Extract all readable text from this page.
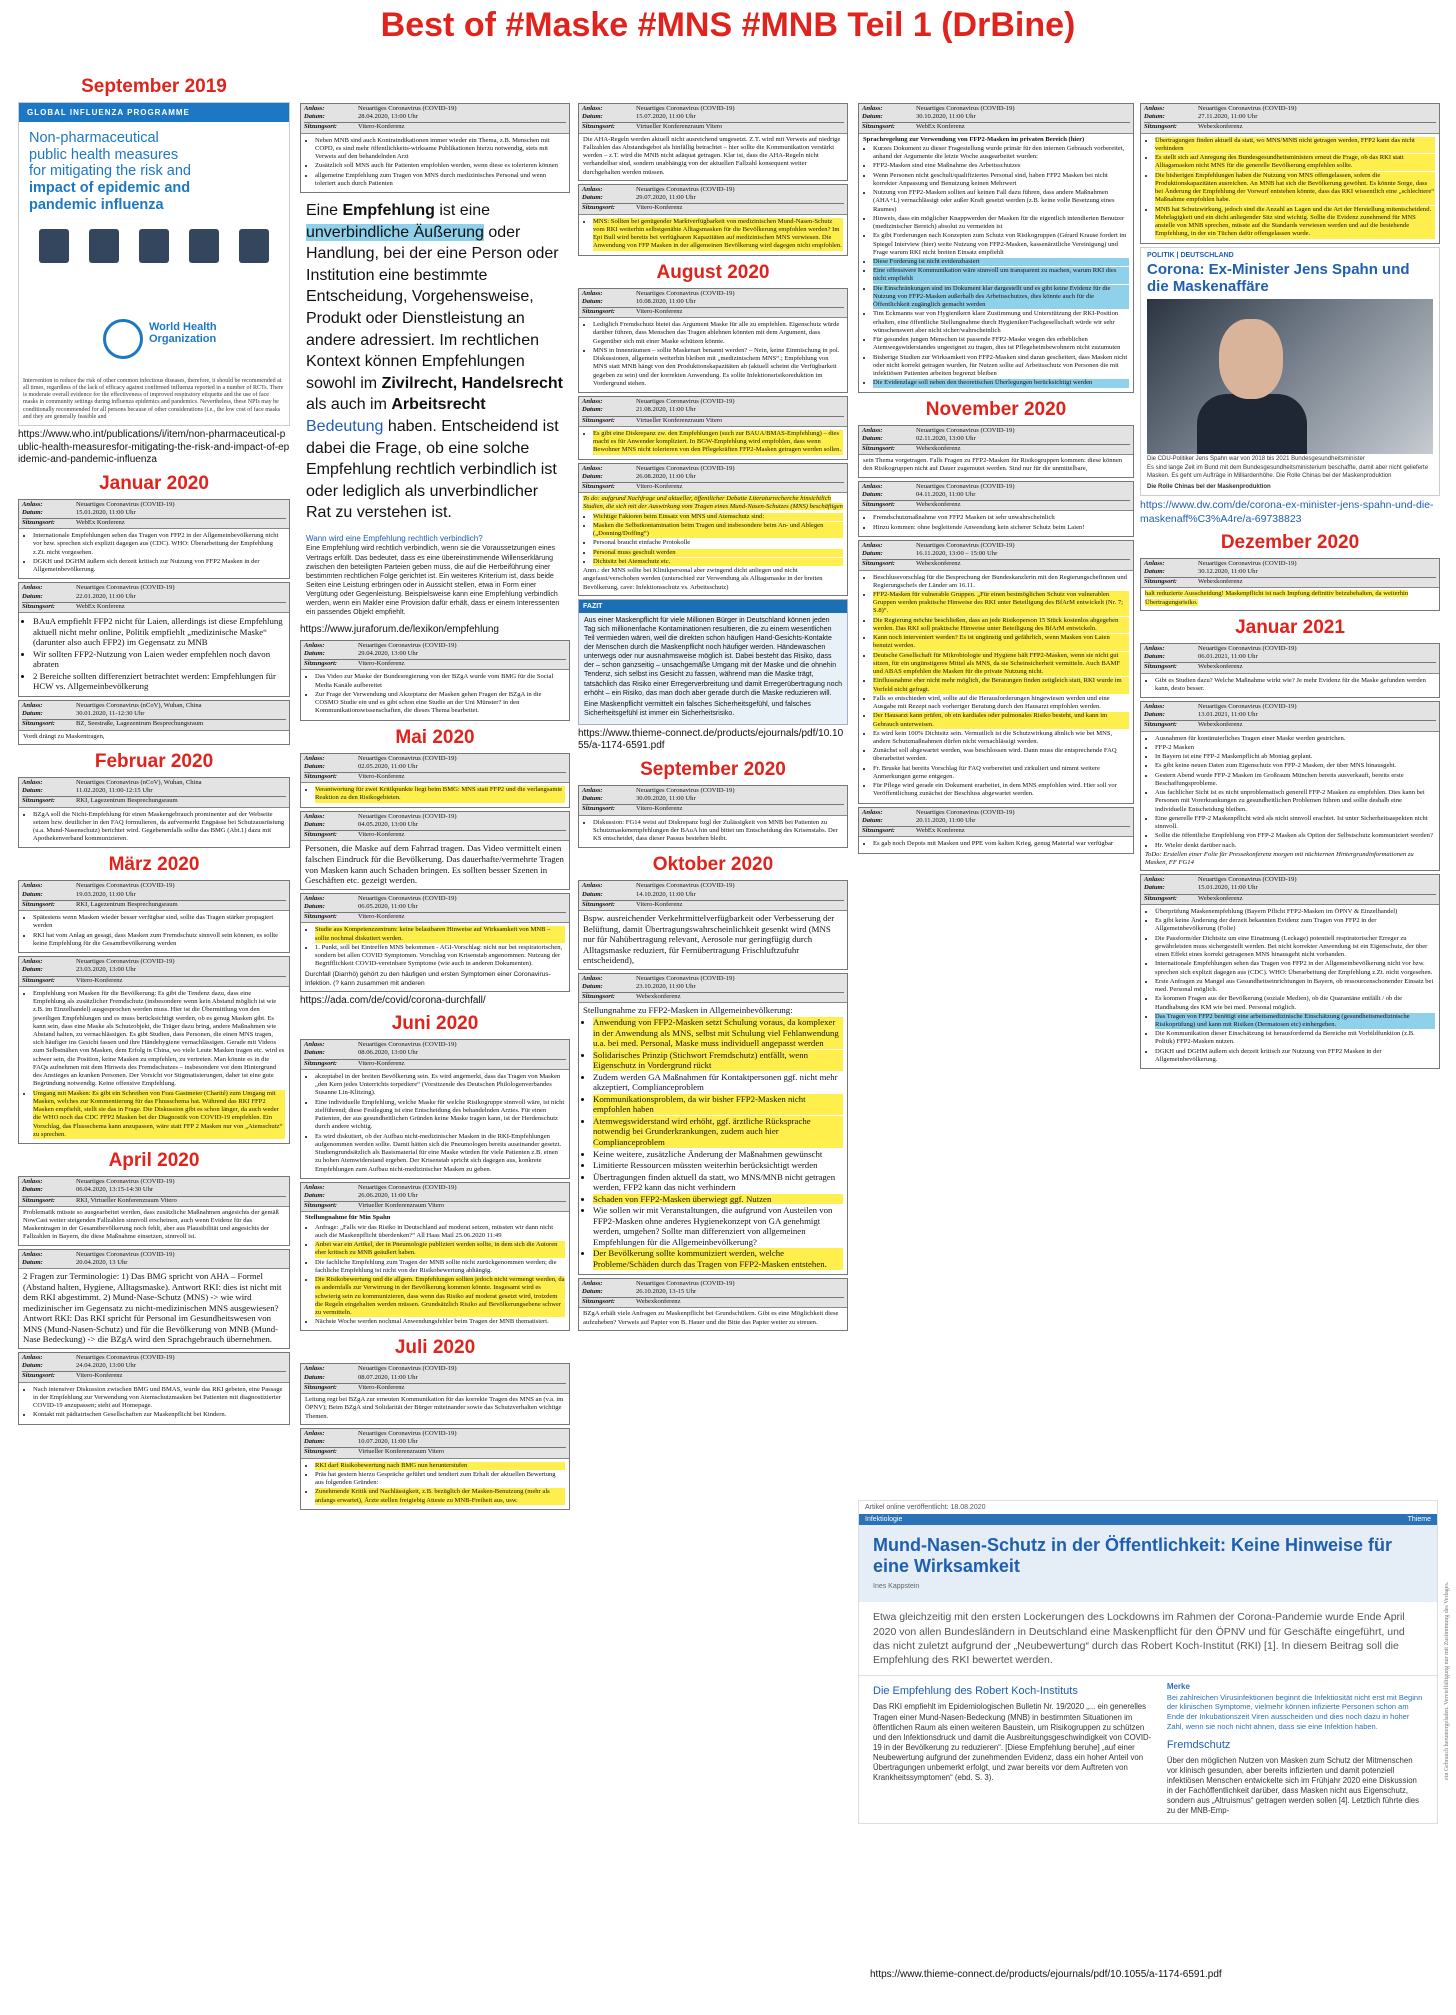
Best of #Maske #MNS #MNB Teil 1 (DrBine)
September 2019
GLOBAL INFLUENZA PROGRAMME
Non-pharmaceutical
public health measures
for mitigating the risk and

impact of epidemic and
pandemic influenza
World Health
Organization
Intervention to reduce the risk of other common infectious diseases, therefore, it should be recommended at all times, regardless of the lack of efficacy against confirmed influenza reported in a number of RCTs. There is moderate overall evidence for the effectiveness of improved respiratory etiquette and the use of face masks in community settings during influenza epidemics and pandemics. Nevertheless, these NPIs may be conditionally recommended for all persons because of other considerations (i.e., the low cost of face masks and they are generally feasible and
https://www.who.int/publications/i/item/non-pharmaceutical-public-health-measuresfor-mitigating-the-risk-and-impact-of-epidemic-and-pandemic-influenza
Januar 2020
Anlass:	Neuartiges Coronavirus (COVID-19)
Datum:	15.01.2020, 11:00 Uhr
Sitzungsort:	WebEx Konferenz
• Internationale Empfehlungen sehen das Tragen von FFP2 in der Allgemeinbevölkerung nicht vor bzw. sprechen sich explizit dagegen aus (CDC). WHO: Überarbeitung der Empfehlung z.Zt. nicht vorgesehen.
• DGKH und DGHM äußern sich derzeit kritisch zur Nutzung von FFP2 Masken in der Allgemeinbevölkerung.
Anlass:	Neuartiges Coronavirus (COVID-19)
Datum:	22.01.2020, 11:00 Uhr
Sitzungsort:	WebEx Konferenz
• BAuA empfiehlt FFP2 nicht für Laien, allerdings ist diese Empfehlung aktuell nicht mehr online, Politik empfiehlt „medizinische Maske“ (darunter also auch FFP2) im Gegensatz zu MNB
• Wir sollten FFP2-Nutzung von Laien weder empfehlen noch davon abraten
• 2 Bereiche sollten differenziert betrachtet werden: Empfehlungen für HCW vs. Allgemeinbevölkerung
Anlass:	Neuartiges Coronavirus (nCoV), Wuhan, China
Datum:	30.01.2020, 11-12:30 Uhr
Sitzungsort:	BZ, Seestraße, Lagezentrum Besprechungsraum
Vordi drängt zu Maskentragen,
Februar 2020
Anlass:	Neuartiges Coronavirus (nCoV), Wuhan, China
Datum:	11.02.2020, 11:00-12:15 Uhr
Sitzungsort:	RKI, Lagezentrum Besprechungsraum
• BZgA soll die Nicht-Empfehlung für einen Maskengebrauch prominenter auf der Webseite setzen bzw. deutlicher in den FAQ formulieren, da aufvermerkt Engpässe bei Schutzausrüstung (u.a. Mund-Nasenschutz) berichtet wird. Gegebenenfalls sollte das BMG (Abt.1) dazu mit Apothekenverband kommunizieren.
März 2020
Anlass:	Neuartiges Coronavirus (COVID-19)
Datum:	19.03.2020, 11:00 Uhr
Sitzungsort:	RKI, Lagezentrum Besprechungsraum
• Spätestens wenn Masken wieder besser verfügbar sind, sollte das Tragen stärker propagiert werden
• RKI hat vom Anlag an gesagt, dass Masken zum Fremdschutz sinnvoll sein können, es sollte keine Empfehlung für die Gesamtbevölkerung werden
Anlass:	Neuartiges Coronavirus (COVID-19)
Datum:	23.03.2020, 13:00 Uhr
Sitzungsort:	Vitero-Konferenz
• Empfehlung von Masken für die Bevölkerung: Es gibt die Tendenz dazu, dass eine Empfehlung als zusätzlicher Fremdschutz (insbesondere wenn kein Abstand möglich ist wie z.B. im Einzelhandel) ausgesprochen werden muss. Hier ist die Übermittlung von den jeweiligen Empfehlungen und es muss berücksichtigt werden, ob es genug Masken gibt. Es kann sein, dass eine Maske als Schutzobjekt, die Träger dazu bring, andere Maßnahmen wie Abstand halten, zu vernachlässigen. Es gibt Studien, dass Personen, die einen MNS tragen, sich häufiger ins Gesicht fassen und ihre Händehygiene vernachlässigen. Gerade mit Videos zum Selbstnähen von Masken, dem Erfolg in China, wo viele Leute Masken tragen etc. wird es schwer sein, die Position, keine Masken zu empfehlen, zu vertreten. Man könnte es in die FAQs aufnehmen mit dem Hinweis des Fremdschutzes – insbesondere vor dem Hintergrund des Anstieges an kranken Personen. Der Vorsicht vor Stigmatisierungen, daher ist eine gute Begründung notwendig. Keine offensive Empfehlung.
• Umgang mit Masken: Es gibt ein Schreiben von Frau Gastmeier (Charité) zum Umgang mit Masken, welches zur Kommentierung für das Fluusschema hat. Während das RKI FFP2 Masken empfiehlt, stellt sie das in Frage. Die Diskussion gibt es schon länger, da auch weder die WHO noch das CDC FFP2 Masken bei der Diagnostik von COVID-19 empfehlen. Ein Vorschlag, das Flussschema kann anzupassen, wäre statt FFP 2 Masken nur von „Atemschutz“ zu sprechen.
April 2020
Anlass:	Neuartiges Coronavirus (COVID-19)
Datum:	06.04.2020, 13:15-14:30 Uhr
Sitzungsort:	RKI, Virtueller Konferenzraum Vitero
Problematik müsste so ausgearbeitet werden, dass zusätzliche Maßnahmen angesichts der gemäß NowCast weiter steigenden Fallzahlen sinnvoll erscheinen, auch wenn Evidenz für das Maskentragen in der Gesamtbevölkerung noch fehlt, aber aus Plausibilität und angesichts der Fallzahlen in Bayern, die diese Maßnahme einsetzen, sinnvoll ist.
Anlass:	Neuartiges Coronavirus (COVID-19)
Datum:	20.04.2020, 13 Uhr
2 Fragen zur Terminologie: 1) Das BMG spricht von AHA – Formel (Abstand halten, Hygiene, Alltagsmaske). Antwort RKI: dies ist nicht mit dem RKI abgestimmt. 2) Mund-Nase-Schutz (MNS) -> wie wird medizinischer im Gegensatz zu nicht-medizinischen MNS ausgewiesen? Antwort RKI: Das RKI spricht für Personal im Gesundheitswesen von MNS (Mund-Nasen-Schutz) und für die Bevölkerung von MNB (Mund-Nase Bedeckung) -> die BZgA wird den Sprachgebrauch übernehmen.
Anlass:	Neuartiges Coronavirus (COVID-19)
Datum:	24.04.2020, 13:00 Uhr
Sitzungsort:	Vitero-Konferenz
• Nach intensiver Diskussion zwischen BMG und BMAS, wurde das RKI gebeten, eine Passage in der Empfehlung zur Verwendung von Atemschutzmasken bei Patienten mit diagnostizierter COVID-19 anzupassen; steht auf Homepage.
• Kontakt mit pädiatrischen Gesellschaften zur Maskenpflicht bei Kindern.
Anlass:	Neuartiges Coronavirus (COVID-19)
Datum:	28.04.2020, 13:00 Uhr
Sitzungsort:	Vitero-Konferenz
• Neben MNB sind auch Kontraindikationen immer wieder ein Thema, z.B. Menschen mit COPD, es sind mehr öffentlichkeits-wirksame Publikationen hierzu notwendig, stets mit Verweis auf den behandelnden Arzt
• Zusätzlich soll MNS auch für Patienten empfohlen werden, wenn diese es tolerieren können
• allgemeine Empfehlung zum Tragen von MNS durch medizinisches Personal und wenn toleriert auch durch Patienten
Eine Empfehlung ist eine unverbindliche Äußerung oder Handlung, bei der eine Person oder Institution eine bestimmte Entscheidung, Vorgehensweise, Produkt oder Dienstleistung an andere adressiert. Im rechtlichen Kontext können Empfehlungen sowohl im Zivilrecht, Handelsrecht als auch im Arbeitsrecht Bedeutung haben. Entscheidend ist dabei die Frage, ob eine solche Empfehlung rechtlich verbindlich ist oder lediglich als unverbindlicher Rat zu verstehen ist.
Wann wird eine Empfehlung rechtlich verbindlich?
Eine Empfehlung wird rechtlich verbindlich, wenn sie die Voraussetzungen eines Vertrags erfüllt. Das bedeutet, dass es eine übereinstimmende Willenserklärung zwischen den beteiligten Parteien geben muss, die auf die Herbeiführung einer bestimmten rechtlichen Folge gerichtet ist. Ein weiteres Kriterium ist, dass beide Seiten eine Leistung erbringen oder in Aussicht stellen, etwa in Form einer Vergütung oder Gegenleistung. Beispielsweise kann eine Empfehlung verbindlich werden, wenn ein Makler eine Provision dafür erhält, dass er einem Interessenten ein passendes Objekt empfiehlt.
https://www.juraforum.de/lexikon/empfehlung
Anlass:	Neuartiges Coronavirus (COVID-19)
Datum:	29.04.2020, 13:00 Uhr
Sitzungsort:	Vitero-Konferenz
• Das Video zur Maske der Bundesregierung von der BZgA wurde vom BMG für die Social Media Kanäle aufbereitet
• Zur Frage der Verwendung und Akzeptanz der Masken gehen Fragen der BZgA in die COSMO Studie ein und es gibt schon eine Studie an der Uni Münster? in den Kommunikationswissenschaften, die dieses Thema bearbeitet.
Mai 2020
Anlass:	Neuartiges Coronavirus (COVID-19)
Datum:	02.05.2020, 11:00 Uhr
Sitzungsort:	Vitero-Konferenz
• Verantwortung für zwei Kritikpunkte liegt beim BMG: MNS statt FFP2 und die verlangsamte Reaktion zu den Risikogebieten.
Anlass:	Neuartiges Coronavirus (COVID-19)
Datum:	04.05.2020, 13:00 Uhr
Sitzungsort:	Vitero-Konferenz
Personen, die Maske auf dem Fahrrad tragen. Das Video vermittelt einen falschen Eindruck für die Bevölkerung. Das dauerhafte/vermehrte Tragen von Masken kann auch Schaden bringen. Es sollten besser Szenen in Geschäften etc. gezeigt werden.
Anlass:	Neuartiges Coronavirus (COVID-19)
Datum:	06.05.2020, 11:00 Uhr
Sitzungsort:	Vitero-Konferenz
• Studie aus Kompetenzzentrum: keine belastbaren Hinweise auf Wirksamkeit von MNB – sollte nochmal diskutiert werden.
• 1. Punkt, soll bei Eintreffen MNS bekommen - AGI-Vorschlag: nicht nur bei respiratorischen, sondern bei allen COVID Symptomen. Vorschlag von Krisenstab angenommen. Nutzung der Begrifflichkeit COVID-vereinbare Symptome (wie auch in anderen Dokumenten).
Durchfall (Diarrhö) gehört zu den häufigen und ersten Symptomen einer Coronavirus-Infektion. (? kann zusammen mit anderen
https://ada.com/de/covid/corona-durchfall/
Juni 2020
Anlass:	Neuartiges Coronavirus (COVID-19)
Datum:	08.06.2020, 13:00 Uhr
Sitzungsort:	Vitero-Konferenz
• akzeptabel in der breiten Bevölkerung sein. Es wird angemerkt, dass das Tragen von Masken „den Kern jedes Unterrichts torpediere“ (Vorsitzende des Deutschen Philologenverbandes Susanne Lin-Klitzing).
• Eine individuelle Empfehlung, welche Maske für welche Risikogruppe sinnvoll wäre, ist nicht zielführend; diese Festlegung ist eine Entscheidung des behandelnden Arztes. Für einen Patienten, der aus gesundheitlichen Gründen keine Maske tragen kann, ist der Herdenschutz durch andere wichtig.
• Es wird diskutiert, ob der Aufbau nicht-medizinischer Masken in die RKI-Empfehlungen aufgenommen werden sollte. Damit hätten sich die Pneumologen bereits auseinander gesetzt. Studiengrundsätzlich als Basismaterial für eine Maske würden für viele Patienten z.B. einen zu hohen Atemwiderstand ergeben. Der Krisenstab spricht sich dagegen aus, konkrete Empfehlungen zum Aufbau nicht-medizinischer Masken zu geben.
Anlass:	Neuartiges Coronavirus (COVID-19)
Datum:	26.06.2020, 11:00 Uhr
Sitzungsort:	Virtueller Konferenzraum Vitero
Stellungnahme für Min Spahn
• Anfrage: „Falls wir das Risiko in Deutschland auf moderat setzen, müssten wir dann nicht auch die Maskenpflicht überdenken?“ All Haas Mail 25.06.2020 11:49
• Anbei war ein Artikel, der in Pneumologie publiziert werden sollte, in dem sich die Autoren eher kritisch zu MNB geäußert haben.
• Die fachliche Empfehlung zum Tragen der MNB sollte nicht zurückgenommen werden; die fachliche Empfehlung ist nicht von der Risikobewertung abhängig.
• Die Risikobewertung und die allgem. Empfehlungen sollten jedoch nicht vermengt werden, da es andernfalls zur Verwirrung in der Bevölkerung kommen könnte. Insgesamt wird es schwierig sein zu kommunizieren, dass wenn das Risiko auf moderat gesetzt wird, trotzdem die Regeln eingehalten werden müssen. Grundsätzlich Risiko auf Bevölkerungsebene schwer zu vermitteln.
• Nächste Woche werden nochmal Anwendungsfehler beim Tragen der MNB thematisiert.
Juli 2020
Anlass:	Neuartiges Coronavirus (COVID-19)
Datum:	08.07.2020, 11:00 Uhr
Sitzungsort:	Vitero-Konferenz
Leitung regt bei BZgA zur erneuten Kommunikation für das korrekte Tragen des MNS an (v.a. im ÖPNV); Beim BZgA sind Solidarität der Bürger miteinander sowie das Schutzverhalten wichtige Themen.
Anlass:	Neuartiges Coronavirus (COVID-19)
Datum:	10.07.2020, 11:00 Uhr
Sitzungsort:	Virtueller Konferenzraum Vitero
• RKI darf Risikobewertung nach BMG nun herunterstufen
• Präs hat gestern hierzu Gespräche geführt und tendiert zum Erhalt der aktuellen Bewertung aus folgenden Gründen:
• Zunehmende Kritik und Nachlässigkeit, z.B. bezüglich der Masken-Benutzung (mehr als anfangs erwartet), Ärzte stellen freigiebig Atteste zu MNB-Freiheit aus, usw.
Anlass:	Neuartiges Coronavirus (COVID-19)
Datum:	15.07.2020, 11:00 Uhr
Sitzungsort:	Virtueller Konferenzraum Vitero
Die AHA-Regeln werden aktuell nicht ausreichend umgesetzt. Z.T. wird mit Verweis auf niedrige Fallzahlen das Abstandsgebot als hinfällig betrachtet – hier sollte die Kommunikation verstärkt werden – z.T. wird die MNB nicht adäquat getragen. Klar ist, dass die AHA-Regeln nicht verhandelbar sind, sondern unabhängig von der aktuellen Fallzahl konsequent weiter durchgehalten werden müssen.
Anlass:	Neuartiges Coronavirus (COVID-19)
Datum:	29.07.2020, 11:00 Uhr
Sitzungsort:	Vitero-Konferenz
• MNS: Sollten bei genügender Marktverfügbarkeit von medizinischen Mund-Nasen-Schutz vom RKI weiterhin selbstgenähte Alltagsmasken für die Bevölkerung empfohlen werden? Im Epi Bull wird bereits bei verfügbaren Kapazitäten auf medizinischen MNS verwiesen. Die Anwendung von FFP Masken in der allgemeinen Bevölkerung wird dagegen nicht empfohlen.
August 2020
Anlass:	Neuartiges Coronavirus (COVID-19)
Datum:	10.08.2020, 11:00 Uhr
Sitzungsort:	Vitero-Konferenz
• Lediglich Fremdschutz bietet das Argument Maske für alle zu empfehlen. Eigenschutz würde darüber führen, dass Menschen das Tragen ablehnen könnten mit dem Argument, dass Gegenüber sich mit einer Maske schützen könnte.
• MNS in Innenräumen – sollte Maskenart benannt werden? – Nein, keine Einmischung in pol. Diskussionen, allgemein weiterhin bleiben mit „medizinischem MNS“.; Empfehlung von MNS statt MNB hängt von den Produktionskapazitäten ab (aktuell scheint die Verfügbarkeit gegeben zu sein) und der korrekten Anwendung. Es sollte Infektionsrisikoreduktion im Vordergrund stehen.
Anlass:	Neuartiges Coronavirus (COVID-19)
Datum:	21.08.2020, 11:00 Uhr
Sitzungsort:	Virtueller Konferenzraum Vitero
• Es gibt eine Diskrepanz zw. den Empfehlungen (such zur BAUA/BMAS-Empfehlung) – dies macht es für Anwender kompliziert. In BGW-Empfehlung wird empfohlen, dass wenn Bewohner MNS nicht tolerieren von den Pflegekräften FFP2-Masken getragen werden sollen.
Anlass:	Neuartiges Coronavirus (COVID-19)
Datum:	26.08.2020, 11:00 Uhr
Sitzungsort:	Vitero-Konferenz
To do: aufgrund Nachfrage und aktueller, öffentlicher Debatte Literaturrecherche hinsichtlich Studien, die sich mit der Auswirkung vom Tragen eines Mund-Nasen-Schutzes (MNS) beschäftigen
• Wichtige Faktoren beim Einsatz von MNS und Atemschutz sind:
• Masken die Selbstkontamination beim Tragen und insbesondere beim An- und Ablegen („Donning/Doffing“)
• Personal braucht einfache Protokolle
• Personal muss geschult werden
• Dichtsitz bei Atemschutz etc.
Anm.: der MNS sollte bei Klinikpersonal aber zwingend dicht anliegen und nicht angefasst/verschoben werden (unterschied zur Verwendung als Alltagsmaske in der breiten Bevölkerung, cave: Infektionsschutz vs. Arbeitsschutz)
FAZIT

Aus einer Maskenpflicht für viele Millionen Bürger in Deutschland können jeden Tag sich millionenfache Kontaminationen resultieren, die zu einem wesentlichen Teil vermieden wären, weil die direkten schon häufigen Hand-Gesichts-Kontakte der Menschen durch die Maskenpflicht noch häufiger werden. Händewaschen unterwegs oder nur ausnahmsweise möglich ist. Dabei besteht das Risiko, dass der – schon ganzseitig – unsachgemäße Umgang mit der Maske und die ohnehin Tendenz, sich selbst ins Gesicht zu fassen, während man die Maske trägt, tatsächlich das Risiko einer Erregerverbreitung und damit Erregerübertragung noch erhöht – ein Risiko, das man doch aber gerade durch die Maske reduzieren will.

Eine Maskenpflicht vermittelt ein falsches Sicherheitsgefühl, und falsches Sicherheitsgefühl ist immer ein Sicherheitsrisiko.

https://www.thieme-connect.de/products/ejournals/pdf/10.1055/a-1174-6591.pdf
September 2020
Anlass:	Neuartiges Coronavirus (COVID-19)
Datum:	30.09.2020, 11:00 Uhr
Sitzungsort:	Vitero-Konferenz
• Diskussion: FG14 weist auf Diskrepanz bzgl der Zulässigkeit von MNB bei Patienten zu Schutzmaskenempfehlungen der BAuA hin und bittet um Entscheidung des Krisenstabs. Der KS entscheidet, dass dieser Passus bestehen bleibt.
Oktober 2020
Anlass:	Neuartiges Coronavirus (COVID-19)
Datum:	14.10.2020, 11:00 Uhr
Sitzungsort:	Vitero-Konferenz
Bspw. ausreichender Verkehrmittelverfügbarkeit oder Verbesserung der Belüftung, damit Übertragungswahrscheinlichkeit gesenkt wird (MNS nur für Nahübertragung relevant, Aerosole nur geringfügig durch Alltagsmaske reduziert, für Fernübertragung Frischluftzufuhr entscheidend),
Anlass:	Neuartiges Coronavirus (COVID-19)
Datum:	23.10.2020, 11:00 Uhr
Sitzungsort:	Webexkonferenz
Stellungnahme zu FFP2-Masken in Allgemeinbevölkerung:
• Anwendung von FFP2-Masken setzt Schulung voraus, da komplexer in der Anwendung als MNS, selbst mit Schulung viel Fehlanwendung u.a. bei med. Personal, Maske muss individuell angepasst werden
• Solidarisches Prinzip (Stichwort Fremdschutz) entfällt, wenn Eigenschutz in Vordergrund rückt
• Zudem werden GA Maßnahmen für Kontaktpersonen ggf. nicht mehr akzeptiert, Complianceproblem
• Kommunikationsproblem, da wir bisher FFP2-Masken nicht empfohlen haben
• Atemwegswiderstand wird erhöht, ggf. ärztliche Rücksprache notwendig bei Grunderkrankungen, zudem auch hier Complianceproblem
• Keine weitere, zusätzliche Änderung der Maßnahmen gewünscht
• Limitierte Ressourcen müssten weiterhin berücksichtigt werden
• Übertragungen finden aktuell da statt, wo MNS/MNB nicht getragen werden, FFP2 kann das nicht verhindern
• Schaden von FFP2-Masken überwiegt ggf. Nutzen
• Wie sollen wir mit Veranstaltungen, die aufgrund von Austeilen von FFP2-Masken ohne anderes Hygienekonzept von GA genehmigt werden, umgehen? Sollte man differenziert von allgemeinen Empfehlungen für die Allgemeinbevölkerung?
• Der Bevölkerung sollte kommuniziert werden, welche Probleme/Schäden durch das Tragen von FFP2-Masken entstehen.
Anlass:	Neuartiges Coronavirus (COVID-19)
Datum:	26.10.2020, 13-15 Uhr
Sitzungsort:	Webexkonferenz
BZgA erhält viele Anfragen zu Maskenpflicht bei Grundschülern. Gibt es eine Möglichkeit diese aufzuheben? Verweis auf Papier von B. Hauer und die Bitte das Papier weiter zu streuen.
Anlass:	Neuartiges Coronavirus (COVID-19)
Datum:	30.10.2020, 11:00 Uhr
Sitzungsort:	WebEx Konferenz
Sprachregelung zur Verwendung von FFP2-Masken im privaten Bereich (hier)
• Kurzes Dokument zu dieser Fragestellung wurde primär für den internen Gebrauch vorbereitet, anhand der Argumente die letzte Woche ausgearbeitet wurden:
• FFP2-Masken sind eine Maßnahme des Arbeitsschutzes
• Wenn Personen nicht geschult/qualifiziertes Personal sind, haben FFP2 Masken bei nicht korrekter Anpassung und Benutzung keinen Mehrwert
• Nutzung von FFP2-Masken sollten auf keinen Fall dazu führen, dass andere Maßnahmen (AHA+L) vernachlässigt oder außer Kraft gesetzt werden (z.B. keine volle Besetzung eines Raumes)
• Hinweis, dass ein möglicher Knappwerden der Masken für die eigentlich intendierten Benutzer (medizinischer Bereich) absolut zu vermeiden ist
• Es gibt Forderungen nach Konzepten zum Schutz von Risikogruppen (Gérard Krause fordert im Spiegel Interview (hier) weite Nutzung von FFP2-Masken, kassenärztliche Vereinigung) und Frage warum RKI nicht breiten Einsatz empfiehlt
• Diese Forderung ist nicht evidenzbasiert
• Eine offensivere Kommunikation wäre sinnvoll um transparent zu machen, warum RKI dies nicht empfiehlt
• Die Einschränkungen sind im Dokument klar dargestellt und es gibt keine Evidenz für die Nutzung von FFP2-Masken außerhalb des Arbeitsschutzes, dies könnte auch für die Öffentlichkeit zugänglich gemacht werden
• Tim Eckmanns war von Hygienikern klare Zustimmung und Unterstützung der RKI-Position erhalten, eine öffentliche Stellungnahme durch Hygieniker/Fachgesellschaft würde wir sehr wünschenswert aber nicht sicher/wahrscheinlich
• Für gesunden jungen Menschen ist passende FFP2-Maske wegen des erheblichen Atemwegswiderstandes ungeeignet zu tragen, dies ist Pflegeheimbewohnern nicht zuzumuten
• Bisherige Studien zur Wirksamkeit von FFP2-Masken sind daran gescheitert, dass Masken nicht oder nicht korrekt getragen wurden, für Nutzen sollte auf Arbeitsschutz von Personen die mit infektiösen Patienten arbeiten begrenzt bleiben
• Die Evidenzlage soll neben den theoretischen Überlegungen berücksichtigt werden
November 2020
Anlass:	Neuartiges Coronavirus (COVID-19)
Datum:	02.11.2020, 13:00 Uhr
Sitzungsort:	Webexkonferenz
sein Thema vorgetragen. Falls Fragen zu FFP2-Masken für Risikogruppen kommen: diese können den Risikogruppen nicht auf Dauer zugemutet werden. Sind nur für die unmittelbare,
Anlass:	Neuartiges Coronavirus (COVID-19)
Datum:	04.11.2020, 11:00 Uhr
Sitzungsort:	Webexkonferenz
• Fremdschutzmaßnahme von FFP2 Masken ist sehr unwahrscheinlich
• Hinzu kommen: ohne begleitende Anwendung kein sicherer Schutz beim Laien!
Anlass:	Neuartiges Coronavirus (COVID-19)
Datum:	16.11.2020, 13:00 – 15:00 Uhr
Sitzungsort:	Webexkonferenz
• Beschlussvorschlag für die Besprechung der Bundeskanzlerin mit den Regierungschefinnen und Regierungschefs der Länder am 16.11.
• FFP2-Masken für vulnerable Gruppen. „Für einen bestmöglichen Schutz von vulnerablen Gruppen werden praktische Hinweise des RKI unter Beteiligung des BfArM entwickelt (Nr. 7; S.8)“.
• Die Regierung möchte beschließen, dass an jede Risikoperson 15 Stück kostenlos abgegeben werden. Das RKI soll praktische Hinweise unter Beteiligung des BfArM entwickeln.
• Kann noch interveniert werden? Es ist ungünstig und gefährlich, wenn Masken von Laien benutzt werden.
• Deutsche Gesellschaft für Mikrobiologie und Hygiene hält FFP2-Masken, wenn sie nicht gut sitzen, für ein ungünstigeres Mittel als MNS, da sie Scheinsicherheit vermitteln. Auch BAMF und ABAS empfehlen die Masken für die private Nutzung nicht.
• Einflussnahme eher nicht mehr möglich, die Beratungen finden zeitgleich statt, RKI wurde im Vorfeld nicht gefragt.
• Falls so entschieden wird, sollte auf die Herausforderungen hingewiesen werden und eine Ausgabe mit Rezept nach vorheriger Beratung durch den Hausarzt empfohlen werden.
• Der Hausarzt kann prüfen, ob ein kardiales oder pulmonales Risiko besteht, und kann im Gebrauch unterweisen.
• Es wird kein 100% Dichtsitz sein. Vermutlich ist die Schutzwirkung ähnlich wie bei MNS, andere Schutzmaßnahmen dürfen nicht vernachlässigt werden.
• Zunächst soll abgewartet werden, was beschlossen wird. Dann muss die entsprechende FAQ überarbeitet werden.
• Fr. Bruske hat bereits Vorschlag für FAQ vorbereitet und zirkuliert und nimmt weitere Anmerkungen gerne entgegen.
• Für Pflege wird gerade ein Dokument erarbeitet, in dem MNS empfohlen wird. Hier soll vor Veröffentlichung zunächst der Beschluss abgewartet werden.
Anlass:	Neuartiges Coronavirus (COVID-19)
Datum:	20.11.2020, 11:00 Uhr
Sitzungsort:	WebEx Konferenz
• Es gab noch Depots mit Masken und PPE vom kalten Krieg, genug Material war verfügbar
Artikel online veröffentlicht: 18.08.2020
Infektiologie	Thieme
Mund-Nasen-Schutz in der Öffentlichkeit: Keine Hinweise für eine Wirksamkeit
Ines Kappstein
Etwa gleichzeitig mit den ersten Lockerungen des Lockdowns im Rahmen der Corona-Pandemie wurde Ende April 2020 von allen Bundesländern in Deutschland eine Maskenpflicht für den ÖPNV und für Geschäfte eingeführt, und das nicht zuletzt aufgrund der „Neubewertung“ durch das Robert Koch-Institut (RKI) [1]. In diesem Beitrag soll die Empfehlung des RKI bewertet werden.
Die Empfehlung des Robert Koch-Instituts
Das RKI empfiehlt im Epidemiologischen Bulletin Nr. 19/2020 „... ein generelles Tragen einer Mund-Nasen-Bedeckung (MNB) in bestimmten Situationen im öffentlichen Raum als einen weiteren Baustein, um Risikogruppen zu schützen und den Infektionsdruck und damit die Ausbreitungsgeschwindigkeit von COVID-19 in der Bevölkerung zu reduzieren“. [Diese Empfehlung beruhe] „auf einer Neubewertung aufgrund der zunehmenden Evidenz, dass ein hoher Anteil von Übertragungen unbemerkt erfolgt, und zwar bereits vor dem Auftreten von Krankheitssymptomen“ (ebd. S. 3).
Merke
Bei zahlreichen Virusinfektionen beginnt die Infektiosität nicht erst mit Beginn der klinischen Symptome, vielmehr können infizierte Personen schon am Ende der Inkubationszeit Viren ausscheiden und dies noch dazu in hoher Zahl, wenn sie noch nicht ahnen, dass sie eine Infektion haben.
Fremdschutz
Über den möglichen Nutzen von Masken zum Schutz der Mitmenschen vor klinisch gesunden, aber bereits infizierten und damit potenziell infektiösen Menschen entwickelte sich im Frühjahr 2020 eine Diskussion in der Fachöffentlichkeit darüber, dass Masken nicht aus Eigenschutz, sondern aus „Altruismus“ getragen werden sollen [4]. Letztlich führte dies zu der MNB-Emp-
ein Gebrauch heruntergeladen. Vervielfältigung nur mit Zustimmung des Verlages.
https://www.thieme-connect.de/products/ejournals/pdf/10.1055/a-1174-6591.pdf
Anlass:	Neuartiges Coronavirus (COVID-19)
Datum:	27.11.2020, 11:00 Uhr
Sitzungsort:	Webexkonferenz
• Übertragungen finden aktuell da statt, wo MNS/MNB nicht getragen werden, FFP2 kann das nicht verhindern
• Es stellt sich auf Anregung des Bundesgesundheitsministers erneut die Frage, ob das RKI statt Alltagsmasken nicht MNS für die generelle Bevölkerung empfehlen sollte.
• Die bisherigen Empfehlungen haben die Nutzung von MNS offengelassen, sofern die Produktionskapazitäten ausreichen. An MNB hat sich die Bevölkerung gewöhnt. Es könnte Sorge, dass bei Änderung der Empfehlung der Vorwurf entstehen könnte, dass das RKI wissentlich eine „schlechtere“ Maßnahme empfohlen habe.
• MNB hat Schutzwirkung, jedoch sind die Anzahl an Lagen und die Art der Herstellung mitentscheidend. Mehrlagigkeit und ein dicht anliegender Sitz sind wichtig. Sollte die Evidenz zunehmend für MNS anstelle von MNB sprechen, müsste auf die Standards verwiesen werden und auf die bestehende Empfehlung, in der ein Tüchen dafür offengelassen wurde.
POLITIK | DEUTSCHLAND
Corona: Ex-Minister Jens Spahn und die Maskenaffäre
Die CDU-Politiker Jens Spahn war von 2018 bis 2021 Bundesgesundheitsminister
Es sind lange Zeit im Bund mit dem Bundesgesundheitsministerium beschaffte, damit aber nicht gelieferte Masken. Es geht um Aufträge in Milliardenhöhe. Die Rolle Chinas bei der Maskenproduktion
Die Rolle Chinas bei der Maskenproduktion
https://www.dw.com/de/corona-ex-minister-jens-spahn-und-die-maskenaff%C3%A4re/a-69738823
Dezember 2020
Anlass:	Neuartiges Coronavirus (COVID-19)
Datum:	30.12.2020, 11:00 Uhr
Sitzungsort:	Webexkonferenz
halt reduzierte Ausscheidung! Maskenpflicht ist nach Impfung definitiv beizubehalten, da weiterhin Übertragungsrisiko.
Januar 2021
Anlass:	Neuartiges Coronavirus (COVID-19)
Datum:	06.01.2021, 11:00 Uhr
Sitzungsort:	Webexkonferenz
• Gibt es Studien dazu? Welche Maßnahme wirkt wie? Je mehr Evidenz für die Maske gefunden werden kann, desto besser.
Anlass:	Neuartiges Coronavirus (COVID-19)
Datum:	13.01.2021, 11:00 Uhr
Sitzungsort:	Webexkonferenz
• Ausnahmen für kontinuierliches Tragen einer Maske werden gestrichen.
• FFP-2 Masken
• In Bayern ist eine FFP-2 Maskenpflicht ab Montag geplant.
• Es gibt keine neuen Daten zum Eigenschutz von FFP-2 Masken, der über MNS hinausgeht.
• Gestern Abend wurde FFP-2 Masken im Großraum München bereits ausverkauft, bereits erste Beschaffungsprobleme.
• Aus fachlicher Sicht ist es nicht unproblematisch generell FFP-2 Masken zu empfehlen. Dies kann bei Personen mit Vorerkrankungen zu gesundheitlichen Problemen führen und sollte deshalb eine individuelle Entscheidung bleiben.
• Eine generelle FFP-2 Maskenpflicht wird als nicht sinnvoll erachtet. Ist unter Sicherheitsaspekten nicht sinnvoll.
• Sollte die öffentliche Empfehlung von FFP-2 Masken als Option der Selbstschutz kommuniziert werden?
• Hr. Wieler denkt darüber nach.
ToDo: Erstellen einer Folie für Pressekonferenz morgen mit nüchternen Hintergrundinformationen zu Masken, FF FG14
Anlass:	Neuartiges Coronavirus (COVID-19)
Datum:	15.01.2020, 11:00 Uhr
Sitzungsort:	Webexkonferenz
• Überprüfung Maskenempfehlung (Bayern Pflicht FFP2-Masken im ÖPNV & Einzelhandel)
• Es gibt keine Änderung der derzeit bekannten Evidenz zum Tragen von FFP2 in der Allgemeinbevölkerung (Folie)
• Die Passform/der Dichtsitz um eine Einatmung (Leckage) potentiell respiratorischer Erreger zu gewährleisten muss sichergestellt werden. Bei nicht korrekter Anwendung ist ein Eigenschutz, der über einen Effekt eines korrekt getragenen MNS hinausgeht nicht vorhanden.
• Internationale Empfehlungen sehen das Tragen von FFP2 in der Allgemeinbevölkerung nicht vor bzw. sprechen sich explizit dagegen aus (CDC). WHO: Überarbeitung der Empfehlung z.Zt. nicht vorgesehen.
• Erste Anfragen zu Mangel aus Gesundheitseinrichtungen in Bayern, ob ressourcenschonender Einsatz bei med. Personal möglich.
• Es kommen Fragen aus der Bevölkerung (soziale Medien), ob die Quarantäne entfällt / ob die Handhabung des KM wie bei med. Personal möglich.
• Das Tragen von FFP2 benötigt eine arbeitsmedizinische Einschätzung (gesundheitsmedizinische Risikoprüfung) und kann mit Risiken (Dermatosen etc) einhergehen.
• Die Kommunikation dieser Einschätzung ist herausfordernd da Bereiche mit Vorbildfunktion (z.B. Politik) FFP2-Masken nutzen.
• DGKH und DGHM äußern sich derzeit kritisch zur Nutzung von FFP2 Masken in der Allgemeinbevölkerung.
